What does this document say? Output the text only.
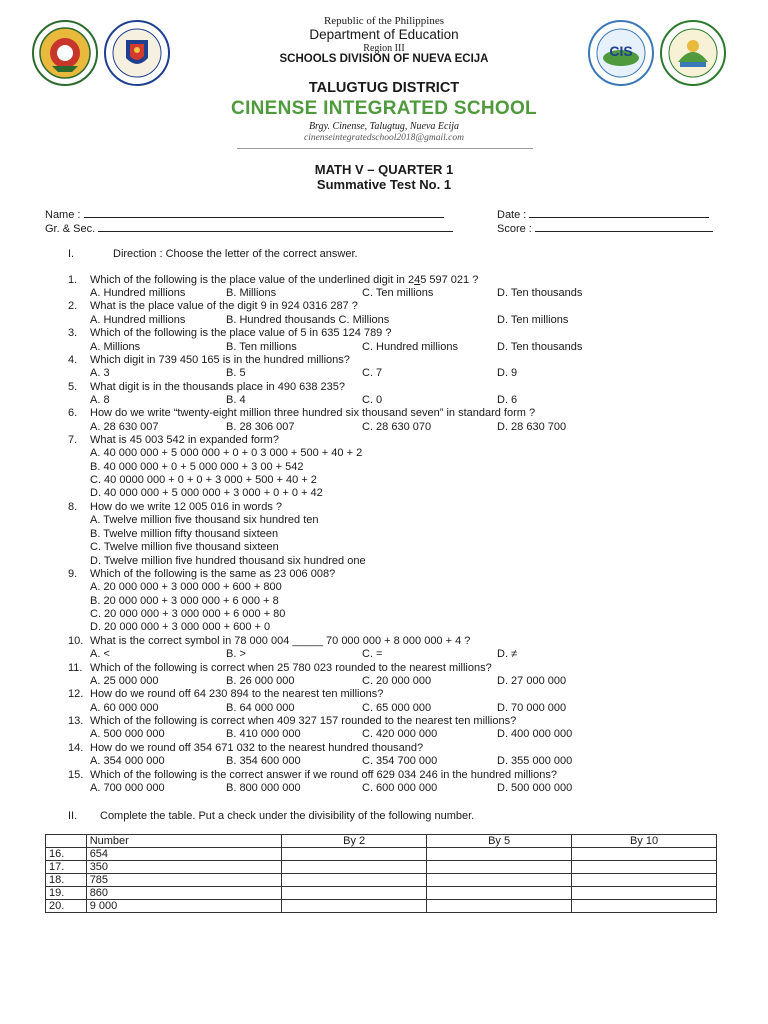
CIS
Republic of the Philippines
Department of Education
Region III
SCHOOLS DIVISION OF NUEVA ECIJA
TALUGTUG DISTRICT
CINENSE INTEGRATED SCHOOL
Brgy. Cinense, Talugtug, Nueva Ecija
cinenseintegratedschool2018@gmail.com
MATH V – QUARTER 1
Summative Test No. 1
Name :
Gr. & Sec.
Date :
Score :
I.	Direction : Choose the letter of the correct answer.
1. Which of the following is the place value of the underlined digit in 245 597 021 ?
A. Hundred millions	B. Millions	C. Ten millions	D. Ten thousands
2. What is the place value of the digit 9 in 924 0316 287 ?
A. Hundred millions	B. Hundred thousands C. Millions	D. Ten millions
3. Which of the following is the place value of 5 in 635 124 789 ?
A. Millions	B. Ten millions	C. Hundred millions	D. Ten thousands
4. Which digit in 739 450 165 is in the hundred millions?
A. 3	B. 5	C. 7	D. 9
5. What digit is in the thousands place in 490 638 235?
A. 8	B. 4	C. 0	D. 6
6. How do we write “twenty-eight million three hundred six thousand seven” in standard form ?
A. 28 630 007	B. 28 306 007	C. 28 630 070	D. 28 630 700
7. What is 45 003 542 in expanded form?
A. 40 000 000 + 5 000 000 + 0 + 0 3 000 + 500 + 40 + 2
B. 40 000 000 + 0 + 5 000 000 + 3 00 + 542
C. 40 0000 000 + 0 + 0 + 3 000 + 500 + 40 + 2
D. 40 000 000 + 5 000 000 + 3 000 + 0 + 0 + 42
8. How do we write 12 005 016 in words ?
A. Twelve million five thousand six hundred ten
B. Twelve million fifty thousand sixteen
C. Twelve million five thousand sixteen
D. Twelve million five hundred thousand six hundred one
9. Which of the following is the same as 23 006 008?
A. 20 000 000 + 3 000 000 + 600 + 800
B. 20 000 000 + 3 000 000 + 6 000 + 8
C. 20 000 000 + 3 000 000 + 6 000 + 80
D. 20 000 000 + 3 000 000 + 600 + 0
10. What is the correct symbol in 78 000 004 _____ 70 000 000 + 8 000 000 + 4 ?
A. <	B. >	C. =	D. ≠
11. Which of the following is correct when 25 780 023 rounded to the nearest millions?
A. 25 000 000	B. 26 000 000	C. 20 000 000	D. 27 000 000
12. How do we round off 64 230 894 to the nearest ten millions?
A. 60 000 000	B. 64 000 000	C. 65 000 000	D. 70 000 000
13. Which of the following is correct when 409 327 157 rounded to the nearest ten millions?
A. 500 000 000	B. 410 000 000	C. 420 000 000	D. 400 000 000
14. How do we round off 354 671 032 to the nearest hundred thousand?
A. 354 000 000	B. 354 600 000	C. 354 700 000	D. 355 000 000
15. Which of the following is the correct answer if we round off 629 034 246 in the hundred millions?
A. 700 000 000	B. 800 000 000	C. 600 000 000	D. 500 000 000
II. Complete the table. Put a check under the divisibility of the following number.
	Number	By 2	By 5	By 10
16.	654			
17.	350			
18.	785			
19.	860			
20.	9 000			
